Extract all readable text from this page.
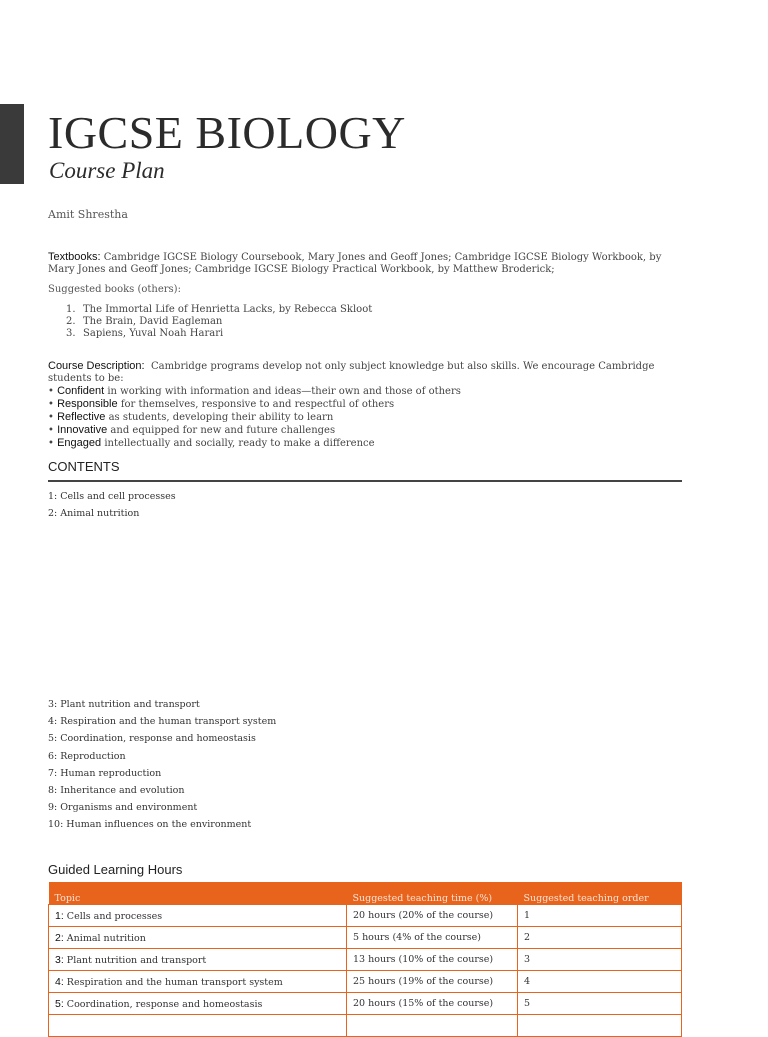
IGCSE BIOLOGY
Course Plan
Amit Shrestha
Textbooks: Cambridge IGCSE Biology Coursebook, Mary Jones and Geoff Jones; Cambridge IGCSE Biology Workbook, by Mary Jones and Geoff Jones; Cambridge IGCSE Biology Practical Workbook, by Matthew Broderick;
Suggested books (others):
1. The Immortal Life of Henrietta Lacks, by Rebecca Skloot
2. The Brain, David Eagleman
3. Sapiens, Yuval Noah Harari
Course Description: Cambridge programs develop not only subject knowledge but also skills. We encourage Cambridge students to be:
• Confident in working with information and ideas—their own and those of others
• Responsible for themselves, responsive to and respectful of others
• Reflective as students, developing their ability to learn
• Innovative and equipped for new and future challenges
• Engaged intellectually and socially, ready to make a difference
CONTENTS
1: Cells and cell processes
2: Animal nutrition
3: Plant nutrition and transport
4: Respiration and the human transport system
5: Coordination, response and homeostasis
6: Reproduction
7: Human reproduction
8: Inheritance and evolution
9: Organisms and environment
10: Human influences on the environment
Guided Learning Hours
Topic	Suggested teaching time (%)	Suggested teaching order
1: Cells and processes	20 hours (20% of the course)	1
2: Animal nutrition	5 hours (4% of the course)	2
3: Plant nutrition and transport	13 hours (10% of the course)	3
4: Respiration and the human transport system	25 hours (19% of the course)	4
5: Coordination, response and homeostasis	20 hours (15% of the course)	5
